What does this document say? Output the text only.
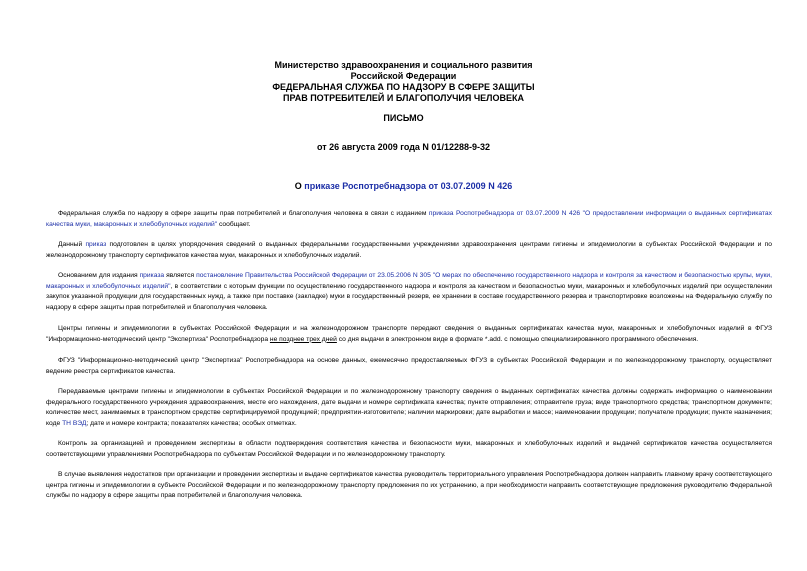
Министерство здравоохранения и социального развития
Российской Федерации
ФЕДЕРАЛЬНАЯ СЛУЖБА ПО НАДЗОРУ В СФЕРЕ ЗАЩИТЫ
ПРАВ ПОТРЕБИТЕЛЕЙ И БЛАГОПОЛУЧИЯ ЧЕЛОВЕКА
ПИСЬМО
от 26 августа 2009 года N 01/12288-9-32
О приказе Роспотребнадзора от 03.07.2009 N 426

Федеральная служба по надзору в сфере защиты прав потребителей и благополучия человека в связи с изданием приказа Роспотребнадзора от 03.07.2009 N 426 "О предоставлении информации о выданных сертификатах качества муки, макаронных и хлебобулочных изделий" сообщает.

Данный приказ подготовлен в целях упорядочения сведений о выданных федеральными государственными учреждениями здравоохранения центрами гигиены и эпидемиологии в субъектах Российской Федерации и по железнодорожному транспорту сертификатов качества муки, макаронных и хлебобулочных изделий.

Основанием для издания приказа является постановление Правительства Российской Федерации от 23.05.2006 N 305 "О мерах по обеспечению государственного надзора и контроля за качеством и безопасностью крупы, муки, макаронных и хлебобулочных изделий", в соответствии с которым функции по осуществлению государственного надзора и контроля за качеством и безопасностью муки, макаронных и хлебобулочных изделий при осуществлении закупок указанной продукции для государственных нужд, а также при поставке (закладке) муки в государственный резерв, ее хранении в составе государственного резерва и транспортировке возложены на Федеральную службу по надзору в сфере защиты прав потребителей и благополучия человека.

Центры гигиены и эпидемиологии в субъектах Российской Федерации и на железнодорожном транспорте передают сведения о выданных сертификатах качества муки, макаронных и хлебобулочных изделий в ФГУЗ "Информационно-методический центр "Экспертиза" Роспотребнадзора не позднее трех дней со дня выдачи в электронном виде в формате *.add. с помощью специализированного программного обеспечения.

ФГУЗ "Информационно-методический центр "Экспертиза" Роспотребнадзора на основе данных, ежемесячно предоставляемых ФГУЗ в субъектах Российской Федерации и по железнодорожному транспорту, осуществляет ведение реестра сертификатов качества.

Передаваемые центрами гигиены и эпидемиологии в субъектах Российской Федерации и по железнодорожному транспорту сведения о выданных сертификатах качества должны содержать информацию о наименовании федерального государственного учреждения здравоохранения, месте его нахождения, дате выдачи и номере сертификата качества; пункте отправления; отправителе груза; виде транспортного средства; транспортном документе; количестве мест, занимаемых в транспортном средстве сертифицируемой продукцией; предприятии-изготовителе; наличии маркировки; дате выработки и массе; наименовании продукции; получателе продукции; пункте назначения; коде ТН ВЭД; дате и номере контракта; показателях качества; особых отметках.

Контроль за организацией и проведением экспертизы в области подтверждения соответствия качества и безопасности муки, макаронных и хлебобулочных изделий и выдачей сертификатов качества осуществляется соответствующими управлениями Роспотребнадзора по субъектам Российской Федерации и по железнодорожному транспорту.

В случае выявления недостатков при организации и проведении экспертизы и выдаче сертификатов качества руководитель территориального управления Роспотребнадзора должен направить главному врачу соответствующего центра гигиены и эпидемиологии в субъекте Российской Федерации и по железнодорожному транспорту предложения по их устранению, а при необходимости направить соответствующие предложения руководителю Федеральной службы по надзору в сфере защиты прав потребителей и благополучия человека.
